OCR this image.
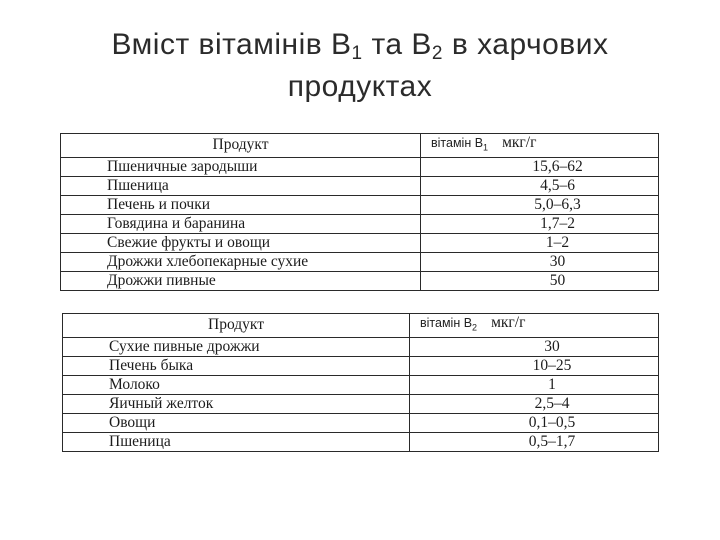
Вміст вітамінів $В_1$ та $В_2$ в харчових
продуктах
Продукт	вітамін $В_1$ мкг/г
Пшеничные зародыши	15,6–62
Пшеница	4,5–6
Печень и почки	5,0–6,3
Говядина и баранина	1,7–2
Свежие фрукты и овощи	1–2
Дрожжи хлебопекарные сухие	30
Дрожжи пивные	50
Продукт	вітамін $В_2$ мкг/г
Сухие пивные дрожжи	30
Печень быка	10–25
Молоко	1
Яичный желток	2,5–4
Овощи	0,1–0,5
Пшеница	0,5–1,7
